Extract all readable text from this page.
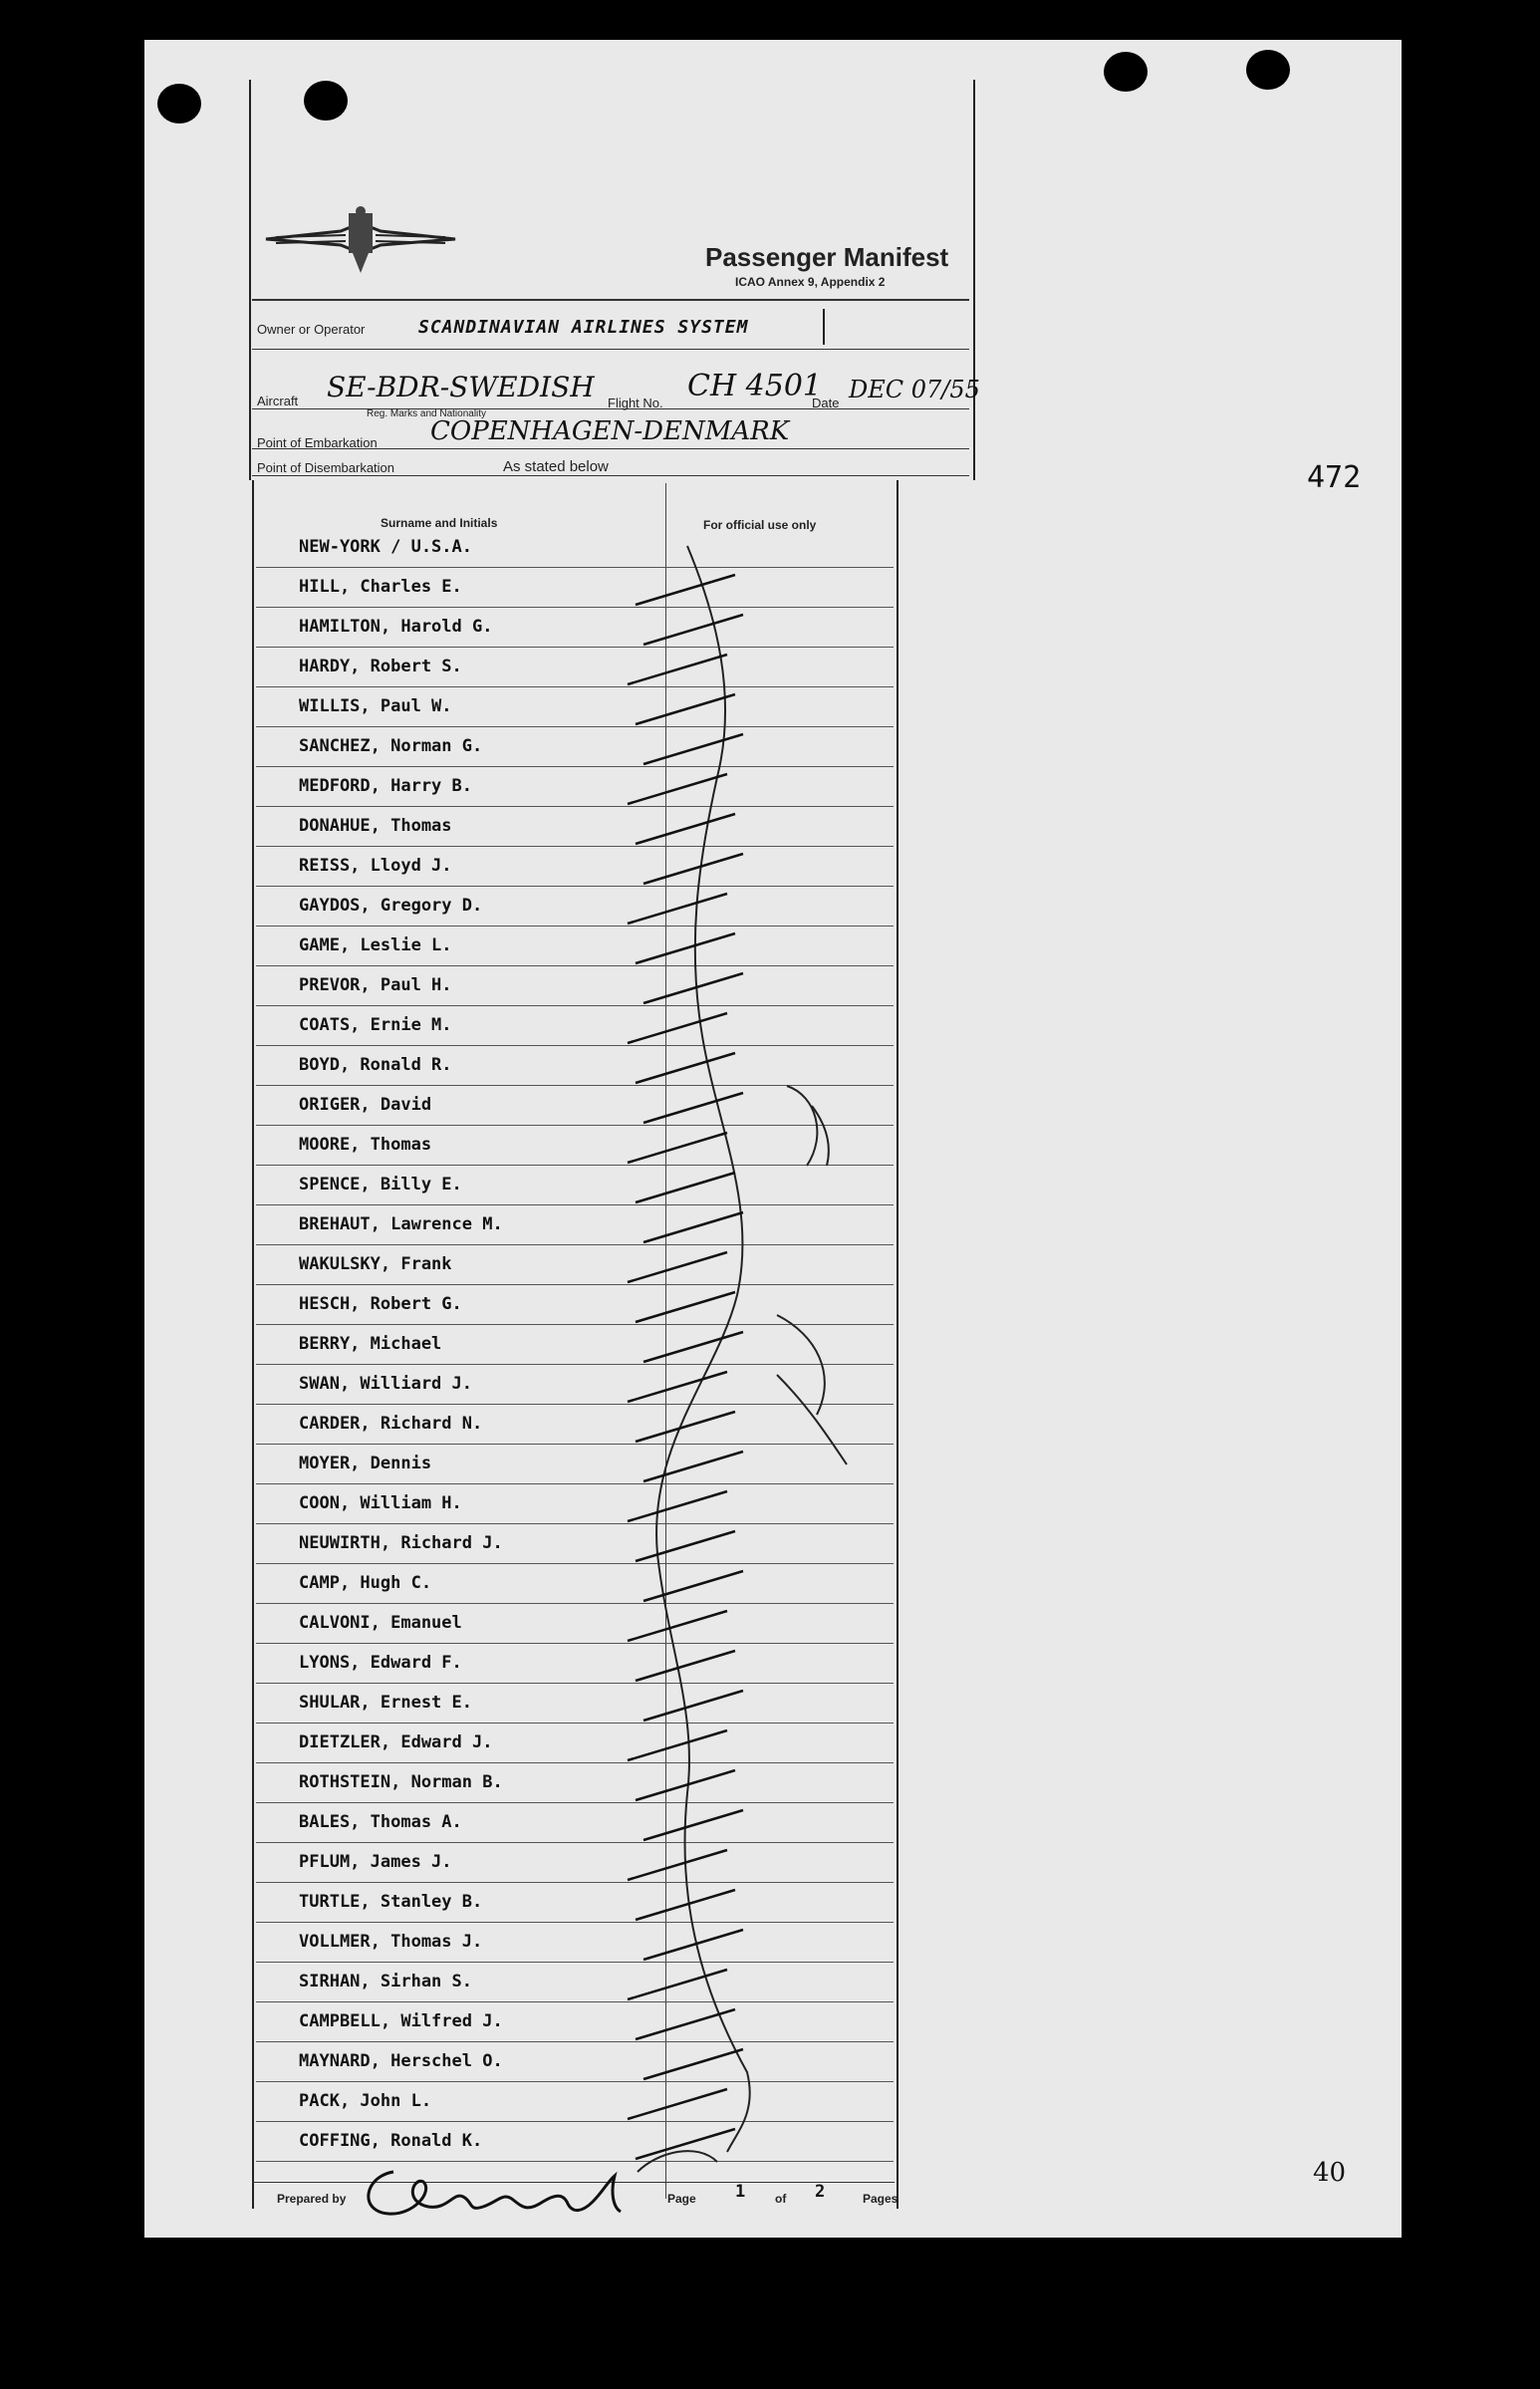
472
Passenger Manifest
ICAO Annex 9, Appendix 2
Owner or Operator	SCANDINAVIAN AIRLINES SYSTEM
Aircraft SE-BDR-SWEDISH
Reg. Marks and Nationality
Flight No. CH 4501
Date DEC 07/55
Point of Embarkation COPENHAGEN-DENMARK
Point of Disembarkation	As stated below
Surname and Initials	For official use only
NEW-YORK / U.S.A.
HILL, Charles E.
HAMILTON, Harold G.
HARDY, Robert S.
WILLIS, Paul W.
SANCHEZ, Norman G.
MEDFORD, Harry B.
DONAHUE, Thomas
REISS, Lloyd J.
GAYDOS, Gregory D.
GAME, Leslie L.
PREVOR, Paul H.
COATS, Ernie M.
BOYD, Ronald R.
ORIGER, David
MOORE, Thomas
SPENCE, Billy E.
BREHAUT, Lawrence M.
WAKULSKY, Frank
HESCH, Robert G.
BERRY, Michael
SWAN, Williard J.
CARDER, Richard N.
MOYER, Dennis
COON, William H.
NEUWIRTH, Richard J.
CAMP, Hugh C.
CALVONI, Emanuel
LYONS, Edward F.
SHULAR, Ernest E.
DIETZLER, Edward J.
ROTHSTEIN, Norman B.
BALES, Thomas A.
PFLUM, James J.
TURTLE, Stanley B.
VOLLMER, Thomas J.
SIRHAN, Sirhan S.
CAMPBELL, Wilfred J.
MAYNARD, Herschel O.
PACK, John L.
COFFING, Ronald K.
Prepared by	Page 1 of 2	Pages
40
